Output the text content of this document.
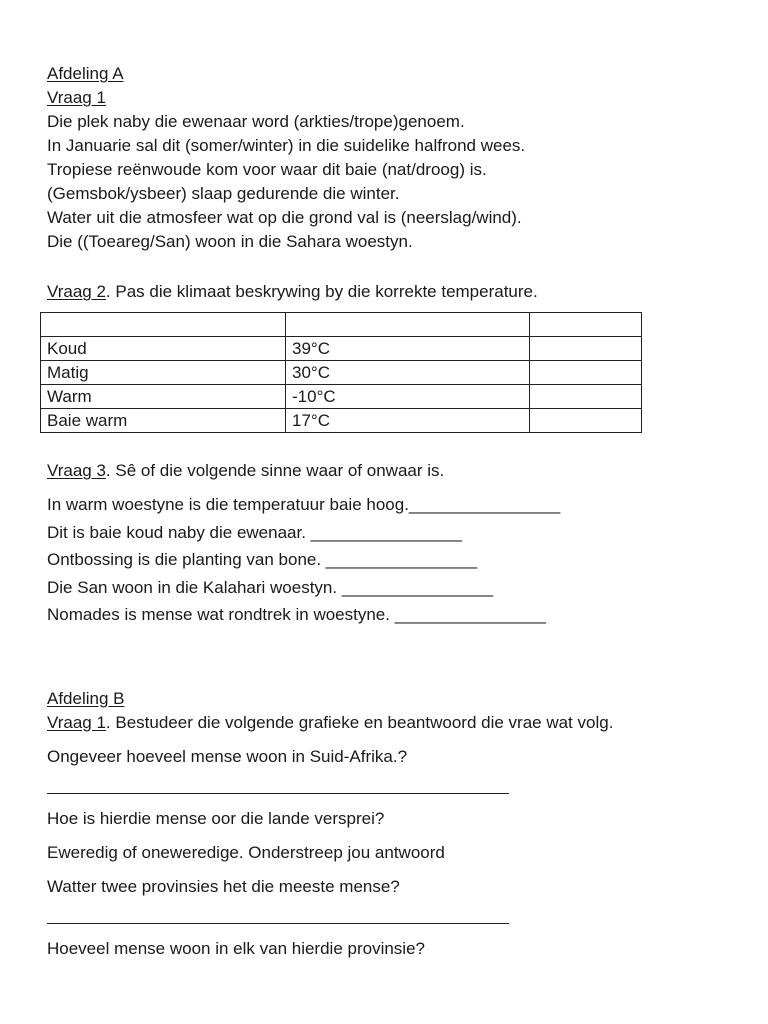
Afdeling A
Vraag 1
Die plek naby die ewenaar word (arkties/trope)genoem.
In Januarie sal dit (somer/winter) in die suidelike halfrond wees.
Tropiese reënwoude kom voor waar dit baie (nat/droog) is.
(Gemsbok/ysbeer) slaap gedurende die winter.
Water uit die atmosfeer wat op die grond val is (neerslag/wind).
Die ((Toeareg/San) woon in die Sahara woestyn.
Vraag 2. Pas die klimaat beskrywing by die korrekte temperature.

Koud	39°C	
Matig	30°C	
Warm	-10°C	
Baie warm	17°C	
Vraag 3. Sê of die volgende sinne waar of onwaar is.
In warm woestyne is die temperatuur baie hoog.________________
Dit is baie koud naby die ewenaar. ________________
Ontbossing is die planting van bone. ________________
Die San woon in die Kalahari woestyn. ________________
Nomades is mense wat rondtrek in woestyne. ________________
Afdeling B
Vraag 1. Bestudeer die volgende grafieke en beantwoord die vrae wat volg.
Ongeveer hoeveel mense woon in Suid-Afrika.?
Hoe is hierdie mense oor die lande versprei?
Eweredig of oneweredige. Onderstreep jou antwoord
Watter twee provinsies het die meeste mense?
Hoeveel mense woon in elk van hierdie provinsie?
